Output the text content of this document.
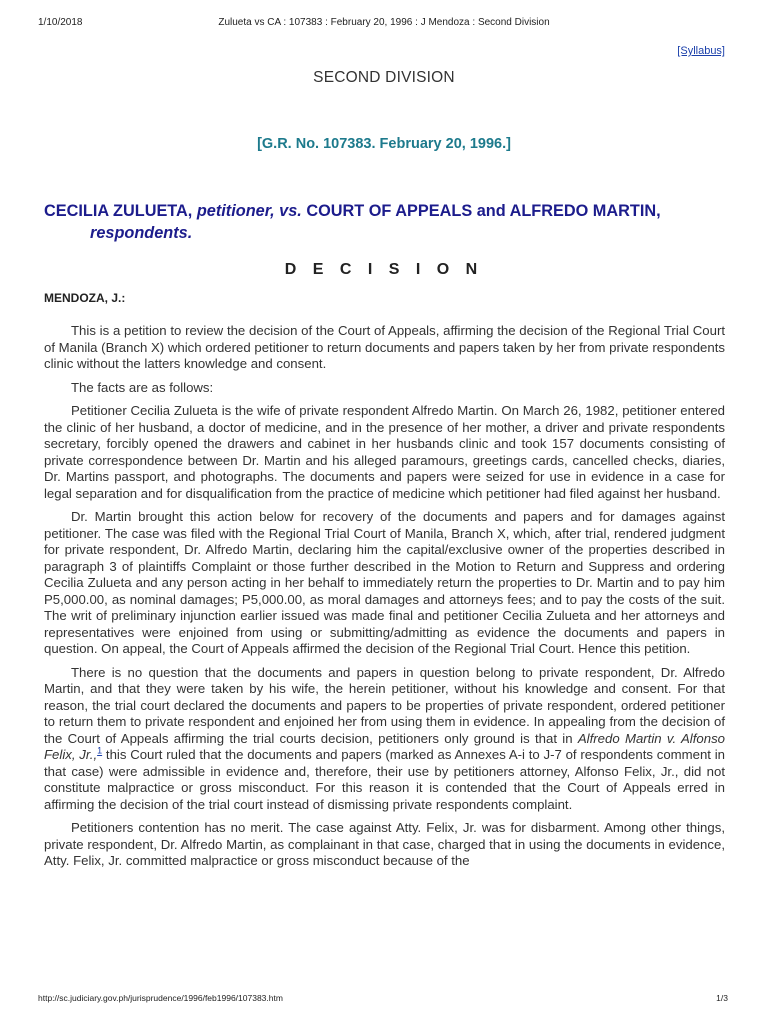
1/10/2018	Zulueta vs CA : 107383 : February 20, 1996 : J Mendoza : Second Division
[Syllabus]
SECOND DIVISION
[G.R. No. 107383. February 20, 1996.]
CECILIA ZULUETA, petitioner, vs. COURT OF APPEALS and ALFREDO MARTIN,
respondents.
D E C I S I O N
MENDOZA, J.:

This is a petition to review the decision of the Court of Appeals, affirming the decision of the Regional Trial Court of Manila (Branch X) which ordered petitioner to return documents and papers taken by her from private respondents clinic without the latters knowledge and consent.

The facts are as follows:

Petitioner Cecilia Zulueta is the wife of private respondent Alfredo Martin. On March 26, 1982, petitioner entered the clinic of her husband, a doctor of medicine, and in the presence of her mother, a driver and private respondents secretary, forcibly opened the drawers and cabinet in her husbands clinic and took 157 documents consisting of private correspondence between Dr. Martin and his alleged paramours, greetings cards, cancelled checks, diaries, Dr. Martins passport, and photographs. The documents and papers were seized for use in evidence in a case for legal separation and for disqualification from the practice of medicine which petitioner had filed against her husband.

Dr. Martin brought this action below for recovery of the documents and papers and for damages against petitioner. The case was filed with the Regional Trial Court of Manila, Branch X, which, after trial, rendered judgment for private respondent, Dr. Alfredo Martin, declaring him the capital/exclusive owner of the properties described in paragraph 3 of plaintiffs Complaint or those further described in the Motion to Return and Suppress and ordering Cecilia Zulueta and any person acting in her behalf to immediately return the properties to Dr. Martin and to pay him P5,000.00, as nominal damages; P5,000.00, as moral damages and attorneys fees; and to pay the costs of the suit. The writ of preliminary injunction earlier issued was made final and petitioner Cecilia Zulueta and her attorneys and representatives were enjoined from using or submitting/admitting as evidence the documents and papers in question. On appeal, the Court of Appeals affirmed the decision of the Regional Trial Court. Hence this petition.

There is no question that the documents and papers in question belong to private respondent, Dr. Alfredo Martin, and that they were taken by his wife, the herein petitioner, without his knowledge and consent. For that reason, the trial court declared the documents and papers to be properties of private respondent, ordered petitioner to return them to private respondent and enjoined her from using them in evidence. In appealing from the decision of the Court of Appeals affirming the trial courts decision, petitioners only ground is that in Alfredo Martin v. Alfonso Felix, Jr.,$^1$ this Court ruled that the documents and papers (marked as Annexes A-i to J-7 of respondents comment in that case) were admissible in evidence and, therefore, their use by petitioners attorney, Alfonso Felix, Jr., did not constitute malpractice or gross misconduct. For this reason it is contended that the Court of Appeals erred in affirming the decision of the trial court instead of dismissing private respondents complaint.

Petitioners contention has no merit. The case against Atty. Felix, Jr. was for disbarment. Among other things, private respondent, Dr. Alfredo Martin, as complainant in that case, charged that in using the documents in evidence, Atty. Felix, Jr. committed malpractice or gross misconduct because of the

http://sc.judiciary.gov.ph/jurisprudence/1996/feb1996/107383.htm	1/3
